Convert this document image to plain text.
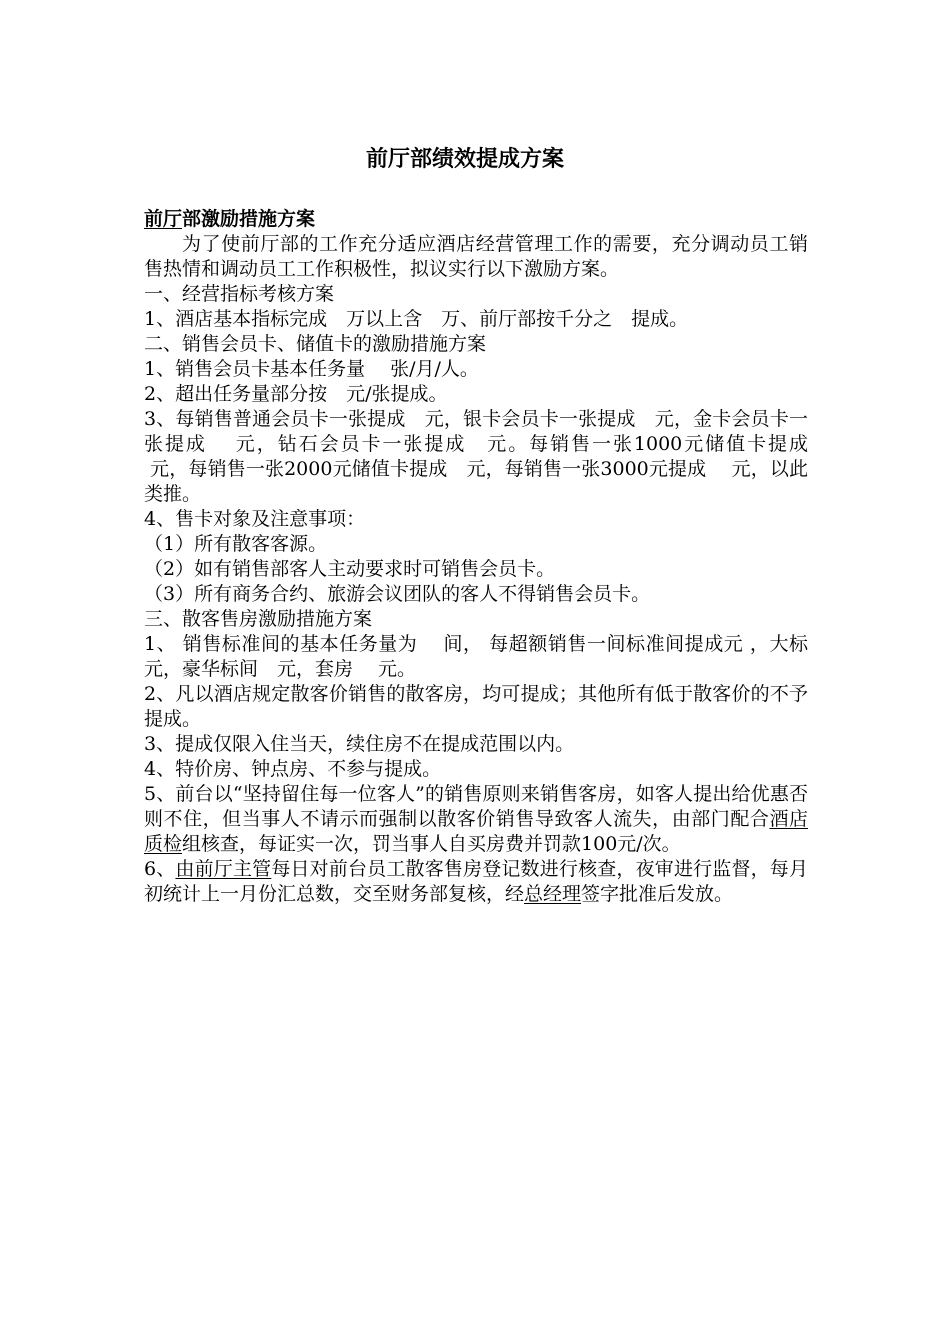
前厅部绩效提成方案

前厅部激励措施方案

为了使前厅部的工作充分适应酒店经营管理工作的需要，充分调动员工销售热情和调动员工工作积极性，拟议实行以下激励方案。

一、经营指标考核方案

1、酒店基本指标完成　万以上含　万、前厅部按千分之　提成。

二、销售会员卡、储值卡的激励措施方案

1、销售会员卡基本任务量　 张/月/人。

2、超出任务量部分按　元/张提成。

3、每销售普通会员卡一张提成　元，银卡会员卡一张提成　元，金卡会员卡一张提成　 元，钻石会员卡一张提成　元。每销售一张1000元储值卡提成　 元，每销售一张2000元储值卡提成　元，每销售一张3000元提成　 元，以此类推。

4、售卡对象及注意事项：

（1）所有散客客源。

（2）如有销售部客人主动要求时可销售会员卡。

（3）所有商务合约、旅游会议团队的客人不得销售会员卡。

三、散客售房激励措施方案

1、 销售标准间的基本任务量为　 间， 每超额销售一间标准间提成元 ，大标　元，豪华标间　元，套房　 元。

2、凡以酒店规定散客价销售的散客房，均可提成；其他所有低于散客价的不予提成。

3、提成仅限入住当天，续住房不在提成范围以内。

4、特价房、钟点房、不参与提成。

5、前台以“坚持留住每一位客人”的销售原则来销售客房，如客人提出给优惠否则不住，但当事人不请示而强制以散客价销售导致客人流失，由部门配合酒店质检组核查，每证实一次，罚当事人自买房费并罚款100元/次。

6、由前厅主管每日对前台员工散客售房登记数进行核查，夜审进行监督，每月初统计上一月份汇总数，交至财务部复核，经总经理签字批准后发放。
